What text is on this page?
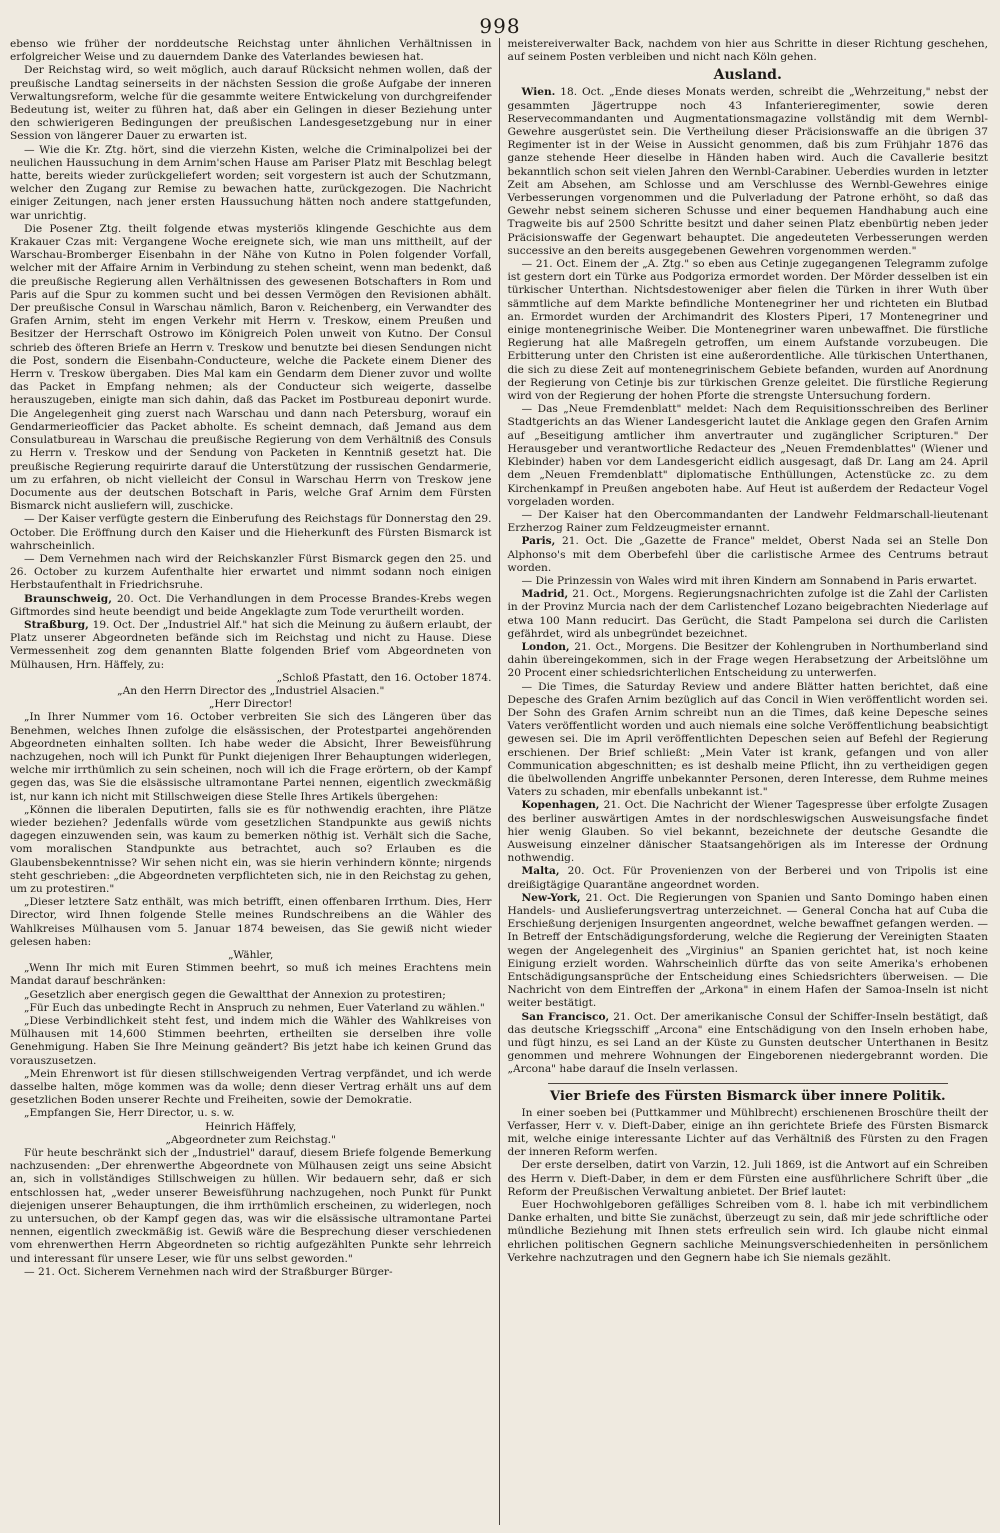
998

ebenso wie früher der norddeutsche Reichstag unter ähnlichen Verhältnissen in erfolgreicher Weise und zu dauerndem Danke des Vaterlandes bewiesen hat.

Der Reichstag wird, so weit möglich, auch darauf Rücksicht nehmen wollen, daß der preußische Landtag seinerseits in der nächsten Session die große Aufgabe der inneren Verwaltungsreform, welche für die gesammte weitere Entwickelung von durchgreifender Bedeutung ist, weiter zu führen hat, daß aber ein Gelingen in dieser Beziehung unter den schwierigeren Bedingungen der preußischen Landesgesetzgebung nur in einer Session von längerer Dauer zu erwarten ist.

— Wie die Kr. Ztg. hört, sind die vierzehn Kisten, welche die Criminalpolizei bei der neulichen Haussuchung in dem Arnim'schen Hause am Pariser Platz mit Beschlag belegt hatte, bereits wieder zurückgeliefert worden; seit vorgestern ist auch der Schutzmann, welcher den Zugang zur Remise zu bewachen hatte, zurückgezogen. Die Nachricht einiger Zeitungen, nach jener ersten Haussuchung hätten noch andere stattgefunden, war unrichtig.

Die Posener Ztg. theilt folgende etwas mysteriös klingende Geschichte aus dem Krakauer Czas mit: Vergangene Woche ereignete sich, wie man uns mittheilt, auf der Warschau-Bromberger Eisenbahn in der Nähe von Kutno in Polen folgender Vorfall, welcher mit der Affaire Arnim in Verbindung zu stehen scheint, wenn man bedenkt, daß die preußische Regierung allen Verhältnissen des gewesenen Botschafters in Rom und Paris auf die Spur zu kommen sucht und bei dessen Vermögen den Revisionen abhält. Der preußische Consul in Warschau nämlich, Baron v. Reichenberg, ein Verwandter des Grafen Arnim, steht im engen Verkehr mit Herrn v. Treskow, einem Preußen und Besitzer der Herrschaft Ostrowo im Königreich Polen unweit von Kutno. Der Consul schrieb des öfteren Briefe an Herrn v. Treskow und benutzte bei diesen Sendungen nicht die Post, sondern die Eisenbahn-Conducteure, welche die Packete einem Diener des Herrn v. Treskow übergaben. Dies Mal kam ein Gendarm dem Diener zuvor und wollte das Packet in Empfang nehmen; als der Conducteur sich weigerte, dasselbe herauszugeben, einigte man sich dahin, daß das Packet im Postbureau deponirt wurde. Die Angelegenheit ging zuerst nach Warschau und dann nach Petersburg, worauf ein Gendarmerieofficier das Packet abholte. Es scheint demnach, daß Jemand aus dem Consulatbureau in Warschau die preußische Regierung von dem Verhältniß des Consuls zu Herrn v. Treskow und der Sendung von Packeten in Kenntniß gesetzt hat. Die preußische Regierung requirirte darauf die Unterstützung der russischen Gendarmerie, um zu erfahren, ob nicht vielleicht der Consul in Warschau Herrn von Treskow jene Documente aus der deutschen Botschaft in Paris, welche Graf Arnim dem Fürsten Bismarck nicht ausliefern will, zuschicke.

— Der Kaiser verfügte gestern die Einberufung des Reichstags für Donnerstag den 29. October. Die Eröffnung durch den Kaiser und die Hieherkunft des Fürsten Bismarck ist wahrscheinlich.

— Dem Vernehmen nach wird der Reichskanzler Fürst Bismarck gegen den 25. und 26. October zu kurzem Aufenthalte hier erwartet und nimmt sodann noch einigen Herbstaufenthalt in Friedrichsruhe.

Braunschweig, 20. Oct. Die Verhandlungen in dem Processe Brandes-Krebs wegen Giftmordes sind heute beendigt und beide Angeklagte zum Tode verurtheilt worden.

Straßburg, 19. Oct. Der „Industriel Alf." hat sich die Meinung zu äußern erlaubt, der Platz unserer Abgeordneten befände sich im Reichstag und nicht zu Hause. Diese Vermessenheit zog dem genannten Blatte folgenden Brief vom Abgeordneten von Mülhausen, Hrn. Häffely, zu:

„Schloß Pfastatt, den 16. October 1874.

„An den Herrn Director des „Industriel Alsacien."

„Herr Director!

„In Ihrer Nummer vom 16. October verbreiten Sie sich des Längeren über das Benehmen, welches Ihnen zufolge die elsässischen, der Protestpartei angehörenden Abgeordneten einhalten sollten. Ich habe weder die Absicht, Ihrer Beweisführung nachzugehen, noch will ich Punkt für Punkt diejenigen Ihrer Behauptungen widerlegen, welche mir irrthümlich zu sein scheinen, noch will ich die Frage erörtern, ob der Kampf gegen das, was Sie die elsässische ultramontane Partei nennen, eigentlich zweckmäßig ist, nur kann ich nicht mit Stillschweigen diese Stelle Ihres Artikels übergehen:

„Können die liberalen Deputirten, falls sie es für nothwendig erachten, ihre Plätze wieder beziehen? Jedenfalls würde vom gesetzlichen Standpunkte aus gewiß nichts dagegen einzuwenden sein, was kaum zu bemerken nöthig ist. Verhält sich die Sache, vom moralischen Standpunkte aus betrachtet, auch so? Erlauben es die Glaubensbekenntnisse? Wir sehen nicht ein, was sie hierin verhindern könnte; nirgends steht geschrieben: „die Abgeordneten verpflichteten sich, nie in den Reichstag zu gehen, um zu protestiren."

„Dieser letztere Satz enthält, was mich betrifft, einen offenbaren Irrthum. Dies, Herr Director, wird Ihnen folgende Stelle meines Rundschreibens an die Wähler des Wahlkreises Mülhausen vom 5. Januar 1874 beweisen, das Sie gewiß nicht wieder gelesen haben:

„Wähler,

„Wenn Ihr mich mit Euren Stimmen beehrt, so muß ich meines Erachtens mein Mandat darauf beschränken:

„Gesetzlich aber energisch gegen die Gewaltthat der Annexion zu protestiren;

„Für Euch das unbedingte Recht in Anspruch zu nehmen, Euer Vaterland zu wählen."

„Diese Verbindlichkeit steht fest, und indem mich die Wähler des Wahlkreises von Mülhausen mit 14,600 Stimmen beehrten, ertheilten sie derselben ihre volle Genehmigung. Haben Sie Ihre Meinung geändert? Bis jetzt habe ich keinen Grund das vorauszusetzen.

„Mein Ehrenwort ist für diesen stillschweigenden Vertrag verpfändet, und ich werde dasselbe halten, möge kommen was da wolle; denn dieser Vertrag erhält uns auf dem gesetzlichen Boden unserer Rechte und Freiheiten, sowie der Demokratie.

„Empfangen Sie, Herr Director, u. s. w.

Heinrich Häffely,

„Abgeordneter zum Reichstag."

Für heute beschränkt sich der „Industriel" darauf, diesem Briefe folgende Bemerkung nachzusenden: „Der ehrenwerthe Abgeordnete von Mülhausen zeigt uns seine Absicht an, sich in vollständiges Stillschweigen zu hüllen. Wir bedauern sehr, daß er sich entschlossen hat, „weder unserer Beweisführung nachzugehen, noch Punkt für Punkt diejenigen unserer Behauptungen, die ihm irrthümlich erscheinen, zu widerlegen, noch zu untersuchen, ob der Kampf gegen das, was wir die elsässische ultramontane Partei nennen, eigentlich zweckmäßig ist. Gewiß wäre die Besprechung dieser verschiedenen vom ehrenwerthen Herrn Abgeordneten so richtig aufgezählten Punkte sehr lehrreich und interessant für unsere Leser, wie für uns selbst geworden."

— 21. Oct. Sicherem Vernehmen nach wird der Straßburger Bürger-

meistereiverwalter Back, nachdem von hier aus Schritte in dieser Richtung geschehen, auf seinem Posten verbleiben und nicht nach Köln gehen.

Ausland.

Wien. 18. Oct. „Ende dieses Monats werden, schreibt die „Wehrzeitung," nebst der gesammten Jägertruppe noch 43 Infanterieregimenter, sowie deren Reservecommandanten und Augmentationsmagazine vollständig mit dem Wernbl-Gewehre ausgerüstet sein. Die Vertheilung dieser Präcisionswaffe an die übrigen 37 Regimenter ist in der Weise in Aussicht genommen, daß bis zum Frühjahr 1876 das ganze stehende Heer dieselbe in Händen haben wird. Auch die Cavallerie besitzt bekanntlich schon seit vielen Jahren den Wernbl-Carabiner. Ueberdies wurden in letzter Zeit am Absehen, am Schlosse und am Verschlusse des Wernbl-Gewehres einige Verbesserungen vorgenommen und die Pulverladung der Patrone erhöht, so daß das Gewehr nebst seinem sicheren Schusse und einer bequemen Handhabung auch eine Tragweite bis auf 2500 Schritte besitzt und daher seinen Platz ebenbürtig neben jeder Präcisionswaffe der Gegenwart behauptet. Die angedeuteten Verbesserungen werden successive an den bereits ausgegebenen Gewehren vorgenommen werden."

— 21. Oct. Einem der „A. Ztg." so eben aus Cetinje zugegangenen Telegramm zufolge ist gestern dort ein Türke aus Podgoriza ermordet worden. Der Mörder desselben ist ein türkischer Unterthan. Nichtsdestoweniger aber fielen die Türken in ihrer Wuth über sämmtliche auf dem Markte befindliche Montenegriner her und richteten ein Blutbad an. Ermordet wurden der Archimandrit des Klosters Piperi, 17 Montenegriner und einige montenegrinische Weiber. Die Montenegriner waren unbewaffnet. Die fürstliche Regierung hat alle Maßregeln getroffen, um einem Aufstande vorzubeugen. Die Erbitterung unter den Christen ist eine außerordentliche. Alle türkischen Unterthanen, die sich zu diese Zeit auf montenegrinischem Gebiete befanden, wurden auf Anordnung der Regierung von Cetinje bis zur türkischen Grenze geleitet. Die fürstliche Regierung wird von der Regierung der hohen Pforte die strengste Untersuchung fordern.

— Das „Neue Fremdenblatt" meldet: Nach dem Requisitionsschreiben des Berliner Stadtgerichts an das Wiener Landesgericht lautet die Anklage gegen den Grafen Arnim auf „Beseitigung amtlicher ihm anvertrauter und zugänglicher Scripturen." Der Herausgeber und verantwortliche Redacteur des „Neuen Fremdenblattes" (Wiener und Klebinder) haben vor dem Landesgericht eidlich ausgesagt, daß Dr. Lang am 24. April dem „Neuen Fremdenblatt" diplomatische Enthüllungen, Actenstücke zc. zu dem Kirchenkampf in Preußen angeboten habe. Auf Heut ist außerdem der Redacteur Vogel vorgeladen worden.

— Der Kaiser hat den Obercommandanten der Landwehr Feldmarschall-lieutenant Erzherzog Rainer zum Feldzeugmeister ernannt.

Paris, 21. Oct. Die „Gazette de France" meldet, Oberst Nada sei an Stelle Don Alphonso's mit dem Oberbefehl über die carlistische Armee des Centrums betraut worden.

— Die Prinzessin von Wales wird mit ihren Kindern am Sonnabend in Paris erwartet.

Madrid, 21. Oct., Morgens. Regierungsnachrichten zufolge ist die Zahl der Carlisten in der Provinz Murcia nach der dem Carlistenchef Lozano beigebrachten Niederlage auf etwa 100 Mann reducirt. Das Gerücht, die Stadt Pampelona sei durch die Carlisten gefährdet, wird als unbegründet bezeichnet.

London, 21. Oct., Morgens. Die Besitzer der Kohlengruben in Northumberland sind dahin übereingekommen, sich in der Frage wegen Herabsetzung der Arbeitslöhne um 20 Procent einer schiedsrichterlichen Entscheidung zu unterwerfen.

— Die Times, die Saturday Review und andere Blätter hatten berichtet, daß eine Depesche des Grafen Arnim bezüglich auf das Concil in Wien veröffentlicht worden sei. Der Sohn des Grafen Arnim schreibt nun an die Times, daß keine Depesche seines Vaters veröffentlicht worden und auch niemals eine solche Veröffentlichung beabsichtigt gewesen sei. Die im April veröffentlichten Depeschen seien auf Befehl der Regierung erschienen. Der Brief schließt: „Mein Vater ist krank, gefangen und von aller Communication abgeschnitten; es ist deshalb meine Pflicht, ihn zu vertheidigen gegen die übelwollenden Angriffe unbekannter Personen, deren Interesse, dem Ruhme meines Vaters zu schaden, mir ebenfalls unbekannt ist."

Kopenhagen, 21. Oct. Die Nachricht der Wiener Tagespresse über erfolgte Zusagen des berliner auswärtigen Amtes in der nordschleswigschen Ausweisungsfache findet hier wenig Glauben. So viel bekannt, bezeichnete der deutsche Gesandte die Ausweisung einzelner dänischer Staatsangehörigen als im Interesse der Ordnung nothwendig.

Malta, 20. Oct. Für Provenienzen von der Berberei und von Tripolis ist eine dreißigtägige Quarantäne angeordnet worden.

New-York, 21. Oct. Die Regierungen von Spanien und Santo Domingo haben einen Handels- und Auslieferungsvertrag unterzeichnet. — General Concha hat auf Cuba die Erschießung derjenigen Insurgenten angeordnet, welche bewaffnet gefangen werden. — In Betreff der Entschädigungsforderung, welche die Regierung der Vereinigten Staaten wegen der Angelegenheit des „Virginius" an Spanien gerichtet hat, ist noch keine Einigung erzielt worden. Wahrscheinlich dürfte das von seite Amerika's erhobenen Entschädigungsansprüche der Entscheidung eines Schiedsrichters überweisen. — Die Nachricht von dem Eintreffen der „Arkona" in einem Hafen der Samoa-Inseln ist nicht weiter bestätigt.

San Francisco, 21. Oct. Der amerikanische Consul der Schiffer-Inseln bestätigt, daß das deutsche Kriegsschiff „Arcona" eine Entschädigung von den Inseln erhoben habe, und fügt hinzu, es sei Land an der Küste zu Gunsten deutscher Unterthanen in Besitz genommen und mehrere Wohnungen der Eingeborenen niedergebrannt worden. Die „Arcona" habe darauf die Inseln verlassen.

Vier Briefe des Fürsten Bismarck über innere Politik.

In einer soeben bei (Puttkammer und Mühlbrecht) erschienenen Broschüre theilt der Verfasser, Herr v. v. Dieft-Daber, einige an ihn gerichtete Briefe des Fürsten Bismarck mit, welche einige interessante Lichter auf das Verhältniß des Fürsten zu den Fragen der inneren Reform werfen.

Der erste derselben, datirt von Varzin, 12. Juli 1869, ist die Antwort auf ein Schreiben des Herrn v. Dieft-Daber, in dem er dem Fürsten eine ausführlichere Schrift über „die Reform der Preußischen Verwaltung anbietet. Der Brief lautet:

Euer Hochwohlgeboren gefälliges Schreiben vom 8. l. habe ich mit verbindlichem Danke erhalten, und bitte Sie zunächst, überzeugt zu sein, daß mir jede schriftliche oder mündliche Beziehung mit Ihnen stets erfreulich sein wird. Ich glaube nicht einmal ehrlichen politischen Gegnern sachliche Meinungsverschiedenheiten in persönlichem Verkehre nachzutragen und den Gegnern habe ich Sie niemals gezählt.
